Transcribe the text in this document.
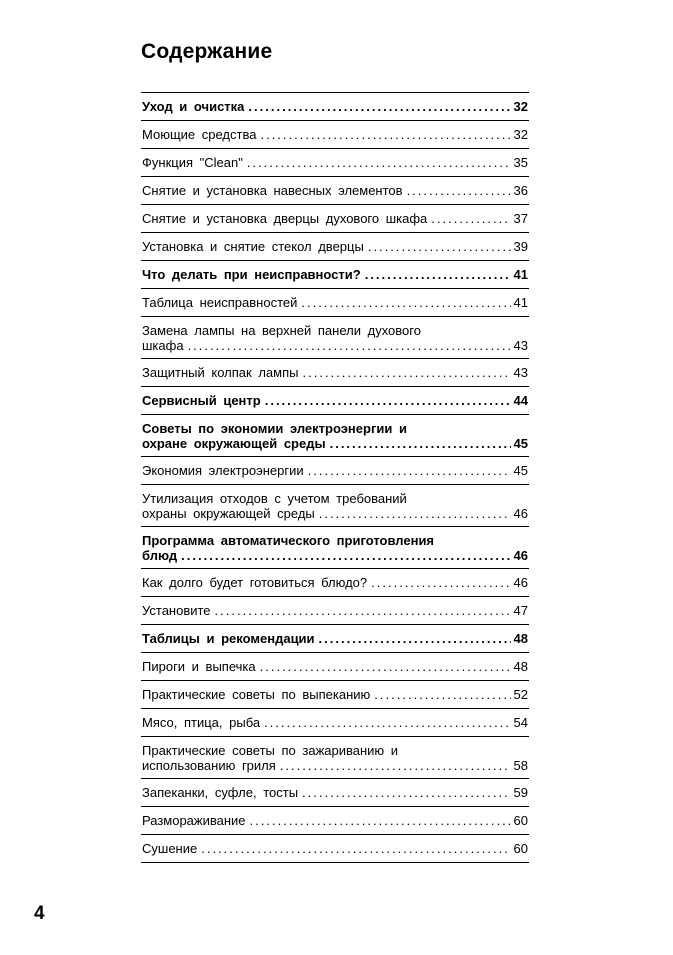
Содержание
Уход и очистка .....	32
Моющие средства .....	32
Функция "Clean" .....	35
Снятие и установка навесных элементов .....	36
Снятие и установка дверцы духового шкафа .....	37
Установка и снятие стекол дверцы .....	39
Что делать при неисправности? .....	41
Таблица неисправностей .....	41
Замена лампы на верхней панели духового
шкафа .....	43
Защитный колпак лампы .....	43
Сервисный центр .....	44
Советы по экономии электроэнергии и
охране окружающей среды .....	45
Экономия электроэнергии .....	45
Утилизация отходов с учетом требований
охраны окружающей среды .....	46
Программа автоматического приготовления
блюд .....	46
Как долго будет готовиться блюдо? .....	46
Установите .....	47
Таблицы и рекомендации .....	48
Пироги и выпечка .....	48
Практические советы по выпеканию .....	52
Мясо, птица, рыба .....	54
Практические советы по зажариванию и
использованию гриля .....	58
Запеканки, суфле, тосты .....	59
Размораживание .....	60
Сушение .....	60
4
